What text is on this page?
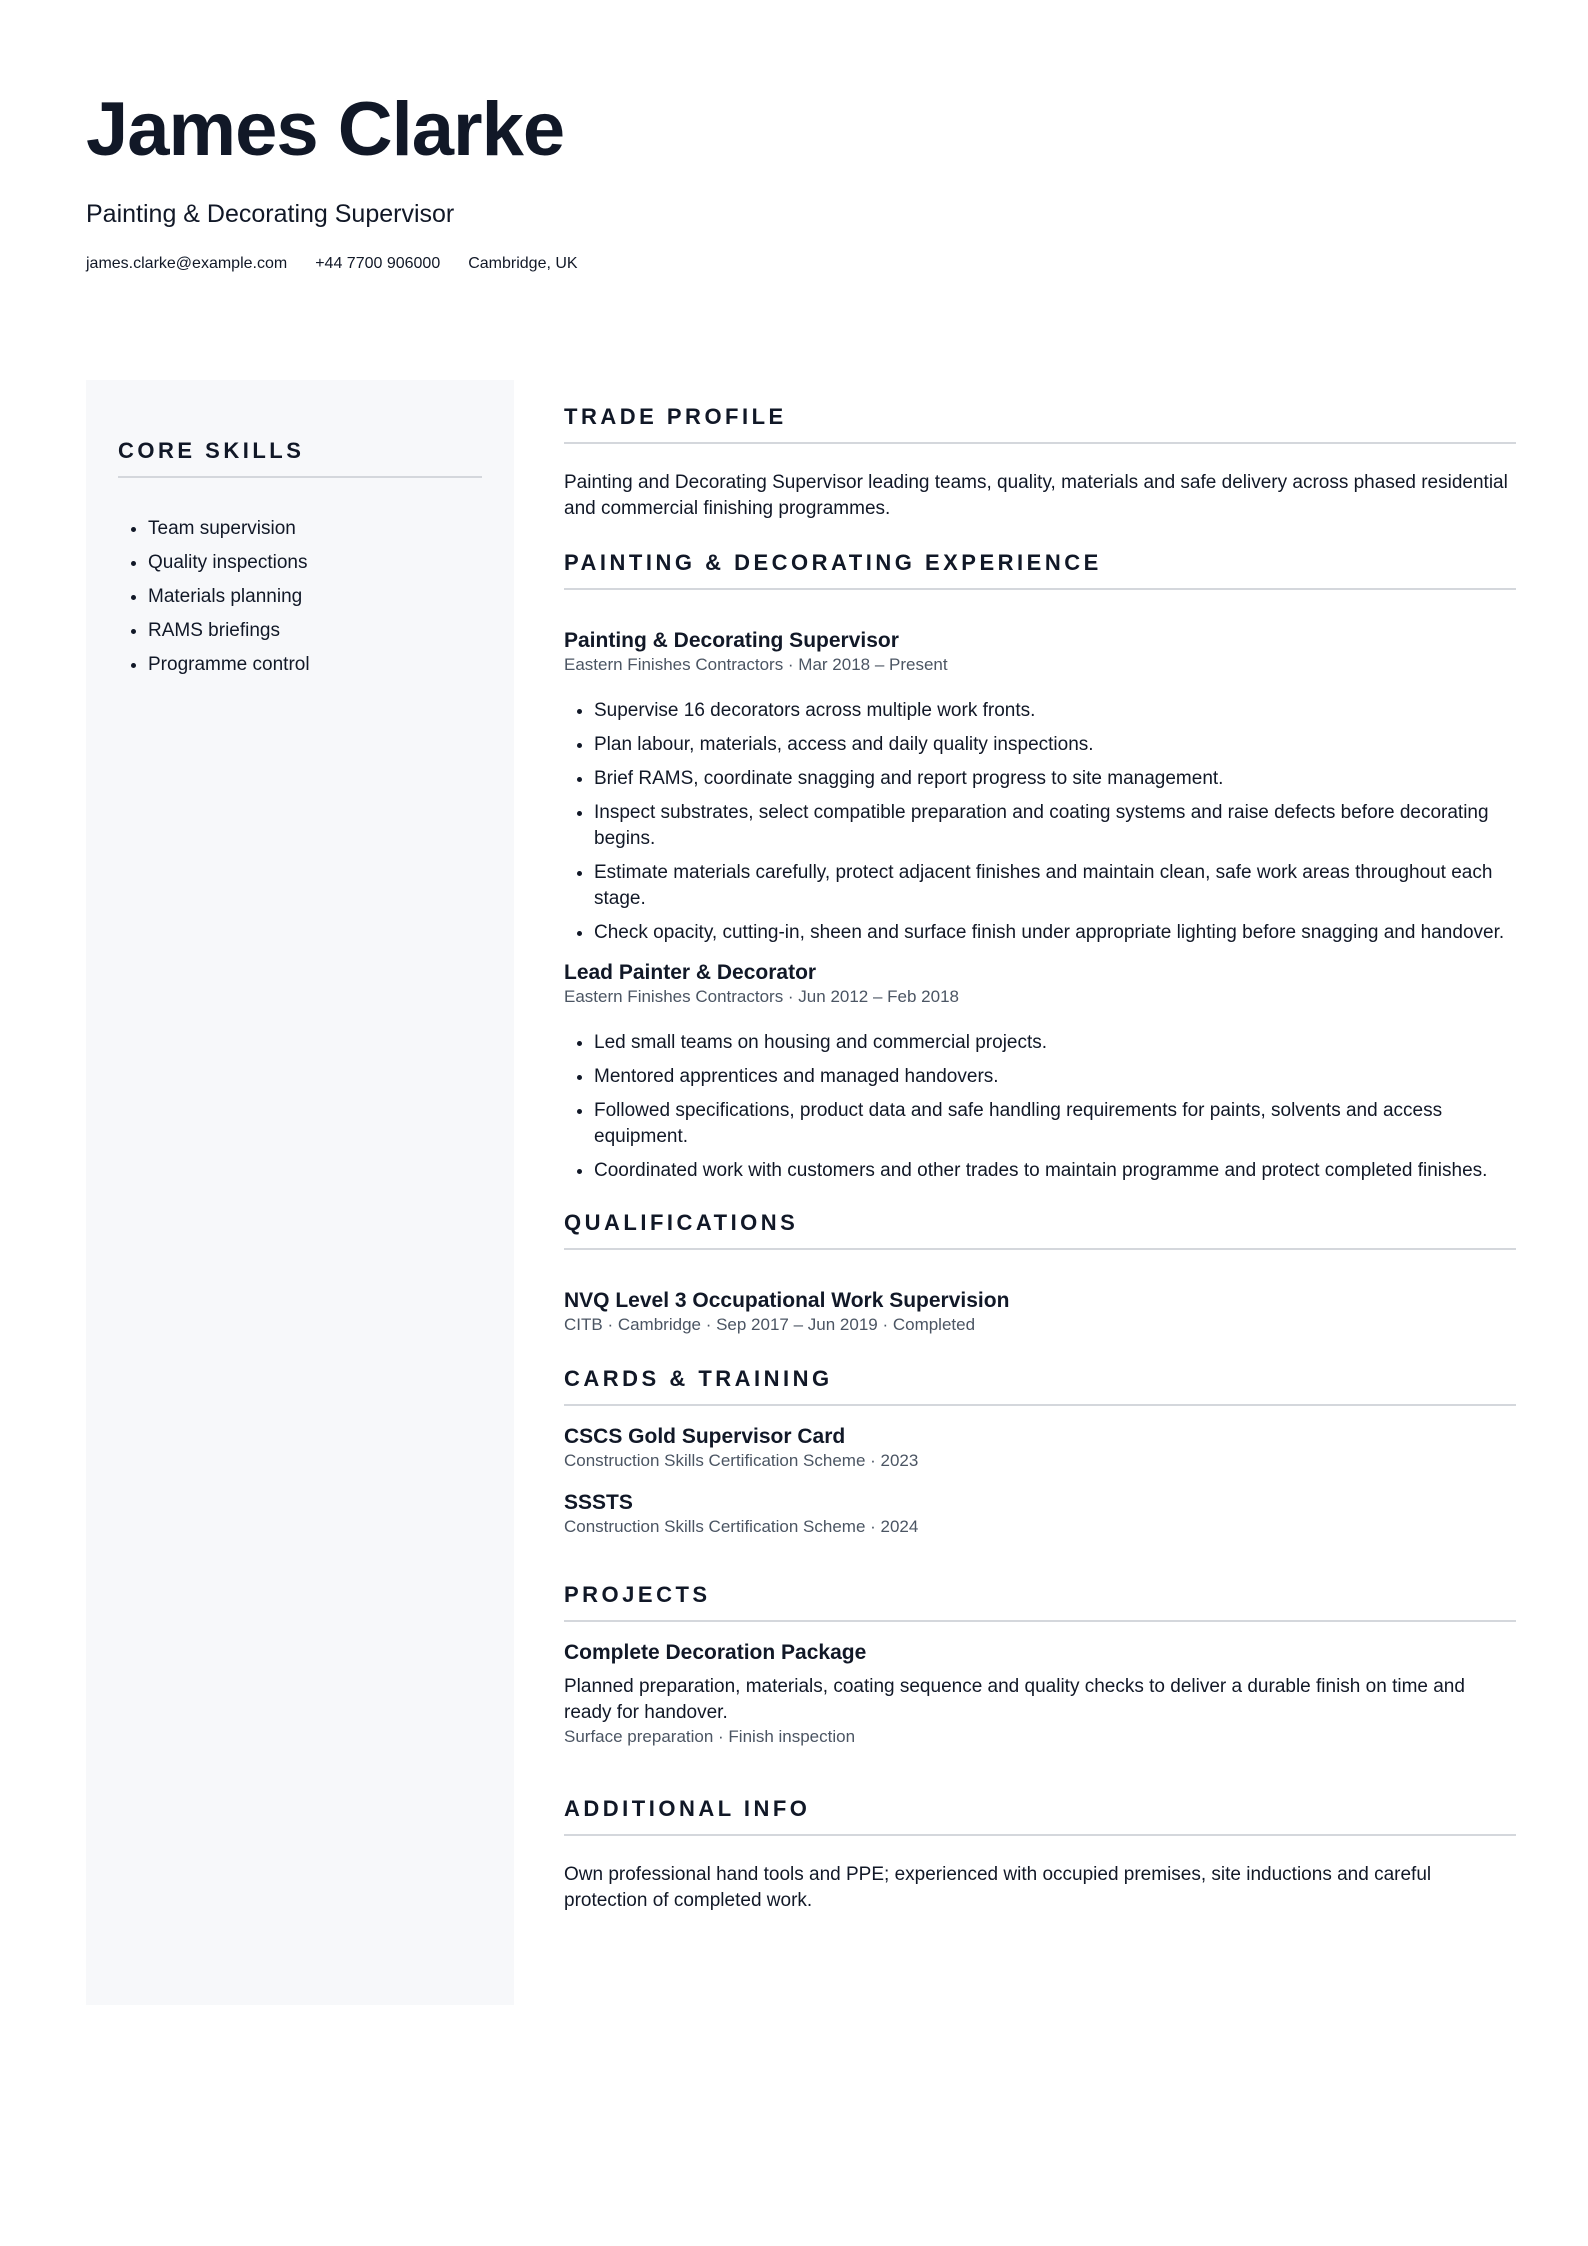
James Clarke
Painting & Decorating Supervisor
james.clarke@example.com +44 7700 906000 Cambridge, UK
CORE SKILLS
• Team supervision
• Quality inspections
• Materials planning
• RAMS briefings
• Programme control
TRADE PROFILE

Painting and Decorating Supervisor leading teams, quality, materials and safe delivery across phased residential and commercial finishing programmes.

PAINTING & DECORATING EXPERIENCE
Painting & Decorating Supervisor
Eastern Finishes Contractors · Mar 2018 – Present
• Supervise 16 decorators across multiple work fronts.
• Plan labour, materials, access and daily quality inspections.
• Brief RAMS, coordinate snagging and report progress to site management.
• Inspect substrates, select compatible preparation and coating systems and raise defects before decorating begins.
• Estimate materials carefully, protect adjacent finishes and maintain clean, safe work areas throughout each stage.
• Check opacity, cutting-in, sheen and surface finish under appropriate lighting before snagging and handover.
Lead Painter & Decorator
Eastern Finishes Contractors · Jun 2012 – Feb 2018
• Led small teams on housing and commercial projects.
• Mentored apprentices and managed handovers.
• Followed specifications, product data and safe handling requirements for paints, solvents and access equipment.
• Coordinated work with customers and other trades to maintain programme and protect completed finishes.
QUALIFICATIONS
NVQ Level 3 Occupational Work Supervision
CITB · Cambridge · Sep 2017 – Jun 2019 · Completed
CARDS & TRAINING
CSCS Gold Supervisor Card
Construction Skills Certification Scheme · 2023
SSSTS
Construction Skills Certification Scheme · 2024
PROJECTS
Complete Decoration Package

Planned preparation, materials, coating sequence and quality checks to deliver a durable finish on time and ready for handover.

Surface preparation · Finish inspection
ADDITIONAL INFO

Own professional hand tools and PPE; experienced with occupied premises, site inductions and careful protection of completed work.
